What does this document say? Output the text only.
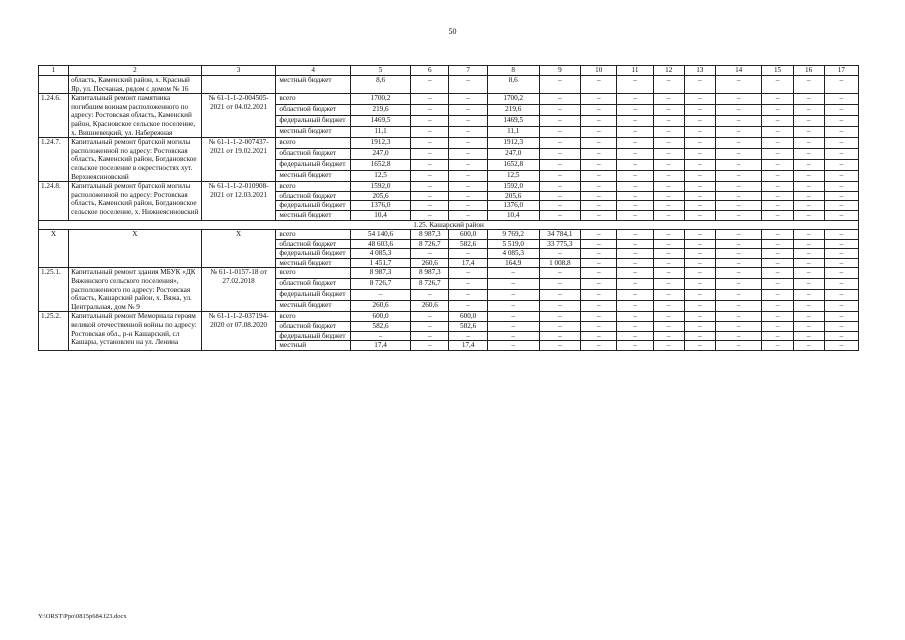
50
1	2	3	4	5	6	7	8	9	10	11	12	13	14	15	16	17
	область, Каменский район, х. Красный Яр, ул. Песчаная, рядом с домом № 16		местный бюджет	8,6	–	–	8,6	–	–	–	–	–	–	–	–	–
1.24.6.	Капитальный ремонт памятника погибшим воинам расположенного по адресу: Ростовская область, Каменский район, Красновское сельское поселение, х. Вишневецкий, ул. Набережная	№ 61-1-1-2-004505-2021 от 04.02.2021	всего	1700,2	–	–	1700,2	–	–	–	–	–	–	–	–	–
			областной бюджет	219,6	–	–	219,6	–	–	–	–	–	–	–	–	–
			федеральный бюджет	1469,5	–	–	1469,5	–	–	–	–	–	–	–	–	–
			местный бюджет	11,1	–	–	11,1	–	–	–	–	–	–	–	–	–
1.24.7.	Капитальный ремонт братской могилы расположенной по адресу: Ростовская область, Каменский район, Богдановское сельское поселение в окрестностях хут. Верхнеясиновский	№ 61-1-1-2-007437-2021 от 19.02.2021	всего	1912,3	–	–	1912,3	–	–	–	–	–	–	–	–	–
			областной бюджет	247,0	–	–	247,0	–	–	–	–	–	–	–	–	–
			федеральный бюджет	1652,8	–	–	1652,8	–	–	–	–	–	–	–	–	–
			местный бюджет	12,5	–	–	12,5	–	–	–	–	–	–	–	–	–
1.24.8.	Капитальный ремонт братской могилы расположенной по адресу: Ростовская область, Каменский район, Богдановское сельское поселение, х. Нижнеясиновский	№ 61-1-1-2-010908-2021 от 12.03.2021	всего	1592,0	–	–	1592,0	–	–	–	–	–	–	–	–	–
			областной бюджет	205,6	–	–	205,6	–	–	–	–	–	–	–	–	–
			федеральный бюджет	1376,0	–	–	1376,0	–	–	–	–	–	–	–	–	–
			местный бюджет	10,4	–	–	10,4	–	–	–	–	–	–	–	–	–
1.25. Кашарский район																
X	X	X	всего	54 140,6	8 987,3	600,0	9 769,2	34 784,1	–	–	–	–	–	–	–	–
			областной бюджет	48 603,6	8 726,7	582,6	5 519,0	33 775,3	–	–	–	–	–	–	–	–
			федеральный бюджет	4 085,3	–	–	4 085,3	–	–	–	–	–	–	–	–	–
			местный бюджет	1 451,7	260,6	17,4	164,9	1 008,8	–	–	–	–	–	–	–	–
1.25.1.	Капитальный ремонт здания МБУК «ДК Вяжинского сельского поселения», расположенного по адресу: Ростовская область, Кашарский район, х. Вяжа, ул. Центральная, дом № 9	№ 61-1-0157-18 от 27.02.2018	всего	8 987,3	8 987,3	–	–	–	–	–	–	–	–	–	–	–
			областной бюджет	8 726,7	8 726,7	–	–	–	–	–	–	–	–	–	–	–
			федеральный бюджет	–	–	–	–	–	–	–	–	–	–	–	–	–
			местный бюджет	260,6	260,6	–	–	–	–	–	–	–	–	–	–	–
1.25.2.	Капитальный ремонт Мемориала героям великой отечественной войны по адресу: Ростовская обл., р-н Кашарский, сл Кашары, установлен на ул. Ленина	№ 61-1-1-2-037194-2020 от 07.08.2020	всего	600,0	–	600,0	–	–	–	–	–	–	–	–	–	–
			областной бюджет	582,6	–	582,6	–	–	–	–	–	–	–	–	–	–
			федеральный бюджет	–	–	–	–	–	–	–	–	–	–	–	–	–
			местный	17,4	–	17,4	–	–	–	–	–	–	–	–	–	–
Y:\ORST\Ppo\0815p684.f23.docx
